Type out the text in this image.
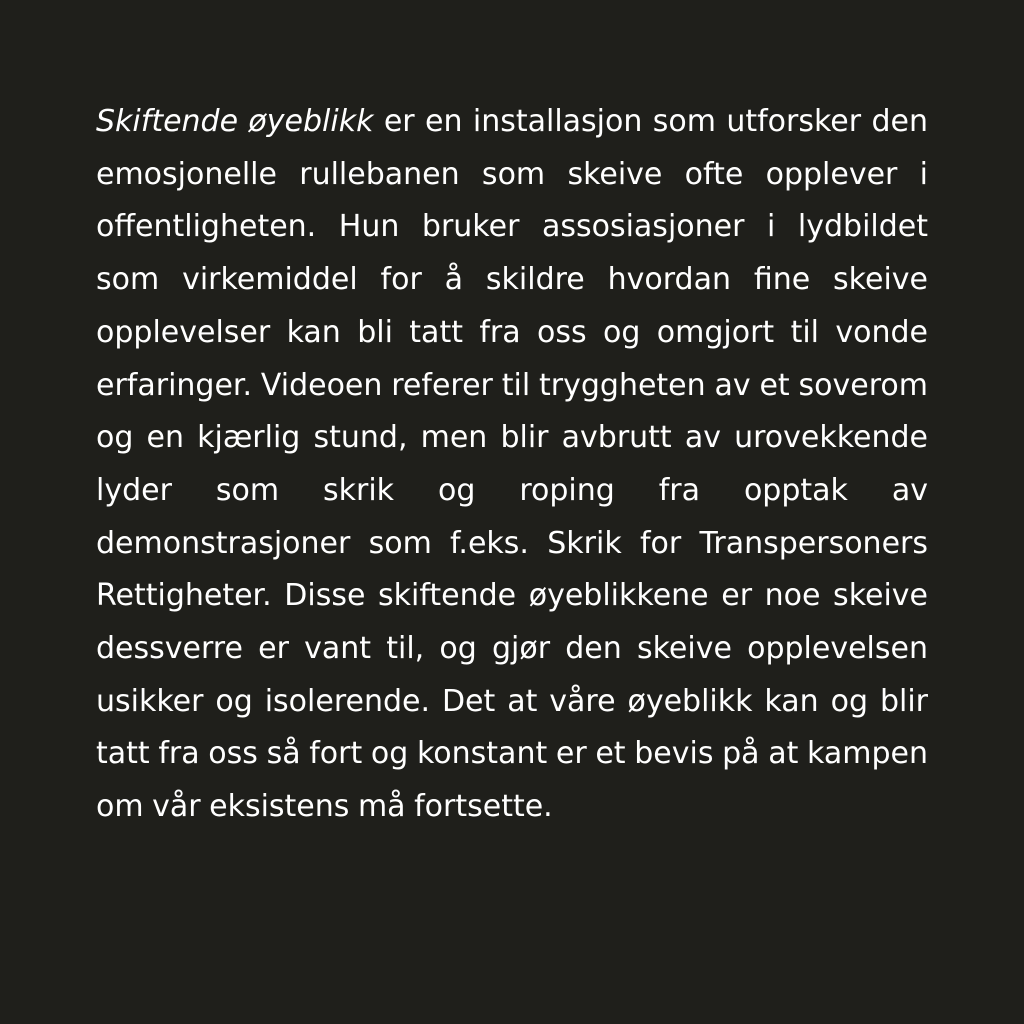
Skiftende øyeblikk er en installasjon som utforsker den emosjonelle rullebanen som skeive ofte opplever i offentligheten. Hun bruker assosiasjoner i lydbildet som virkemiddel for å skildre hvordan fine skeive opplevelser kan bli tatt fra oss og omgjort til vonde erfaringer. Videoen referer til tryggheten av et soverom og en kjærlig stund, men blir avbrutt av urovekkende lyder som skrik og roping fra opptak av demonstrasjoner som f.eks. Skrik for Transpersoners Rettigheter. Disse skiftende øyeblikkene er noe skeive dessverre er vant til, og gjør den skeive opplevelsen usikker og isolerende. Det at våre øyeblikk kan og blir tatt fra oss så fort og konstant er et bevis på at kampen om vår eksistens må fortsette.
